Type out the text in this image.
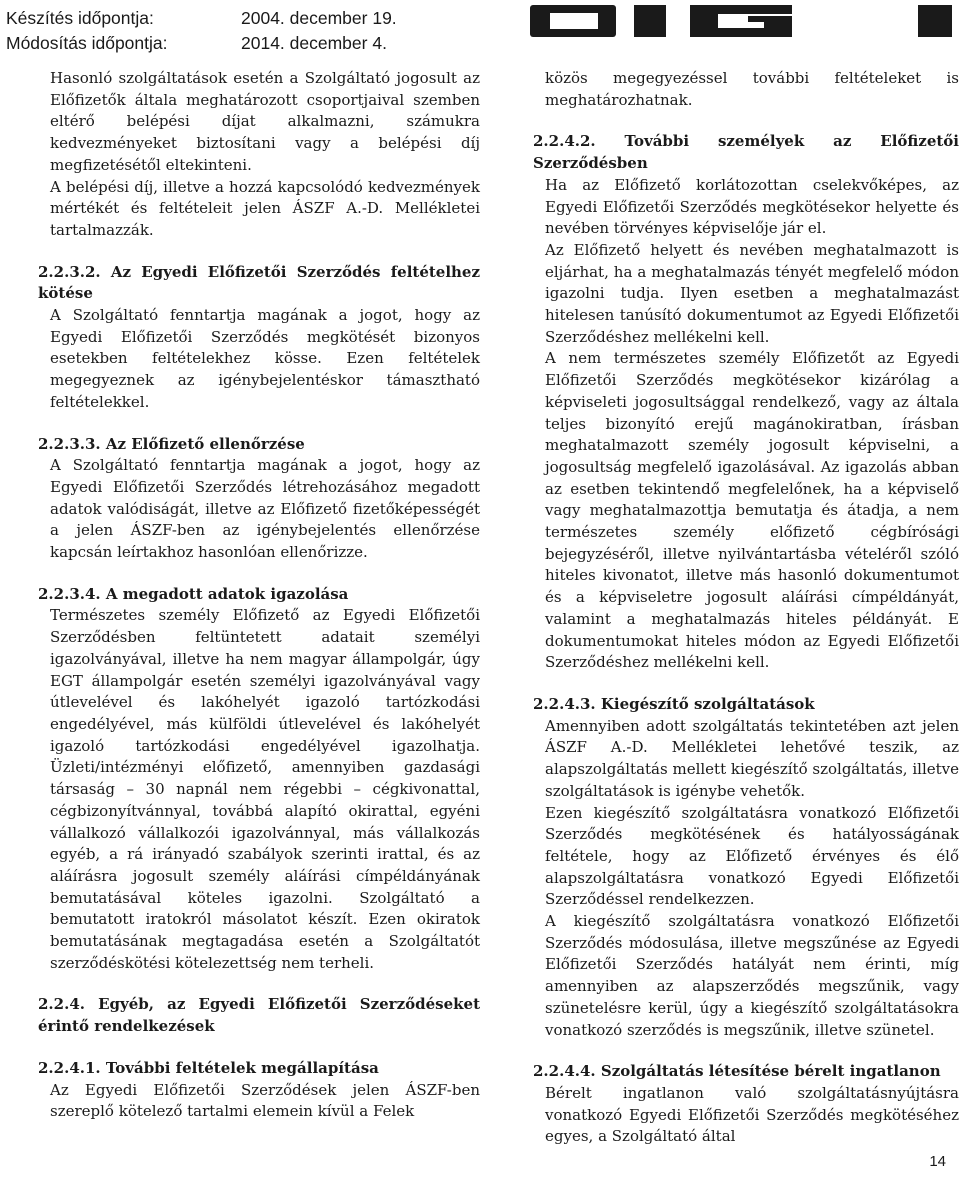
Készítés időpontja:	2004. december 19.
Módosítás időpontja:	2014. december 4.

Hasonló szolgáltatások esetén a Szolgáltató jogosult az Előfizetők általa meghatározott csoportjaival szemben eltérő belépési díjat alkalmazni, számukra kedvezményeket biztosítani vagy a belépési díj megfizetésétől eltekinteni.

A belépési díj, illetve a hozzá kapcsolódó kedvezmények mértékét és feltételeit jelen ÁSZF A.-D. Mellékletei tartalmazzák.

2.2.3.2. Az Egyedi Előfizetői Szerződés feltételhez kötése

A Szolgáltató fenntartja magának a jogot, hogy az Egyedi Előfizetői Szerződés megkötését bizonyos esetekben feltételekhez kösse. Ezen feltételek megegyeznek az igénybejelentéskor támasztható feltételekkel.

2.2.3.3. Az Előfizető ellenőrzése

A Szolgáltató fenntartja magának a jogot, hogy az Egyedi Előfizetői Szerződés létrehozásához megadott adatok valódiságát, illetve az Előfizető fizetőképességét a jelen ÁSZF-ben az igénybejelentés ellenőrzése kapcsán leírtakhoz hasonlóan ellenőrizze.

2.2.3.4. A megadott adatok igazolása

Természetes személy Előfizető az Egyedi Előfizetői Szerződésben feltüntetett adatait személyi igazolványával, illetve ha nem magyar állampolgár, úgy EGT állampolgár esetén személyi igazolványával vagy útlevelével és lakóhelyét igazoló tartózkodási engedélyével, más külföldi útlevelével és lakóhelyét igazoló tartózkodási engedélyével igazolhatja. Üzleti/intézményi előfizető, amennyiben gazdasági társaság – 30 napnál nem régebbi – cégkivonattal, cégbizonyítvánnyal, továbbá alapító okirattal, egyéni vállalkozó vállalkozói igazolvánnyal, más vállalkozás egyéb, a rá irányadó szabályok szerinti irattal, és az aláírásra jogosult személy aláírási címpéldányának bemutatásával köteles igazolni. Szolgáltató a bemutatott iratokról másolatot készít. Ezen okiratok bemutatásának megtagadása esetén a Szolgáltatót szerződéskötési kötelezettség nem terheli.

2.2.4. Egyéb, az Egyedi Előfizetői Szerződéseket érintő rendelkezések

2.2.4.1. További feltételek megállapítása

Az Egyedi Előfizetői Szerződések jelen ÁSZF-ben szereplő kötelező tartalmi elemein kívül a Felek

közös megegyezéssel további feltételeket is meghatározhatnak.

2.2.4.2. További személyek az Előfizetői Szerződésben

Ha az Előfizető korlátozottan cselekvőképes, az Egyedi Előfizetői Szerződés megkötésekor helyette és nevében törvényes képviselője jár el.

Az Előfizető helyett és nevében meghatalmazott is eljárhat, ha a meghatalmazás tényét megfelelő módon igazolni tudja. Ilyen esetben a meghatalmazást hitelesen tanúsító dokumentumot az Egyedi Előfizetői Szerződéshez mellékelni kell.

A nem természetes személy Előfizetőt az Egyedi Előfizetői Szerződés megkötésekor kizárólag a képviseleti jogosultsággal rendelkező, vagy az általa teljes bizonyító erejű magánokiratban, írásban meghatalmazott személy jogosult képviselni, a jogosultság megfelelő igazolásával. Az igazolás abban az esetben tekintendő megfelelőnek, ha a képviselő vagy meghatalmazottja bemutatja és átadja, a nem természetes személy előfizető cégbírósági bejegyzéséről, illetve nyilvántartásba vételéről szóló hiteles kivonatot, illetve más hasonló dokumentumot és a képviseletre jogosult aláírási címpéldányát, valamint a meghatalmazás hiteles példányát. E dokumentumokat hiteles módon az Egyedi Előfizetői Szerződéshez mellékelni kell.

2.2.4.3. Kiegészítő szolgáltatások

Amennyiben adott szolgáltatás tekintetében azt jelen ÁSZF A.-D. Mellékletei lehetővé teszik, az alapszolgáltatás mellett kiegészítő szolgáltatás, illetve szolgáltatások is igénybe vehetők.

Ezen kiegészítő szolgáltatásra vonatkozó Előfizetői Szerződés megkötésének és hatályosságának feltétele, hogy az Előfizető érvényes és élő alapszolgáltatásra vonatkozó Egyedi Előfizetői Szerződéssel rendelkezzen.

A kiegészítő szolgáltatásra vonatkozó Előfizetői Szerződés módosulása, illetve megszűnése az Egyedi Előfizetői Szerződés hatályát nem érinti, míg amennyiben az alapszerződés megszűnik, vagy szünetelésre kerül, úgy a kiegészítő szolgáltatásokra vonatkozó szerződés is megszűnik, illetve szünetel.

2.2.4.4. Szolgáltatás létesítése bérelt ingatlanon

Bérelt ingatlanon való szolgáltatásnyújtásra vonatkozó Egyedi Előfizetői Szerződés megkötéséhez egyes, a Szolgáltató által

14
